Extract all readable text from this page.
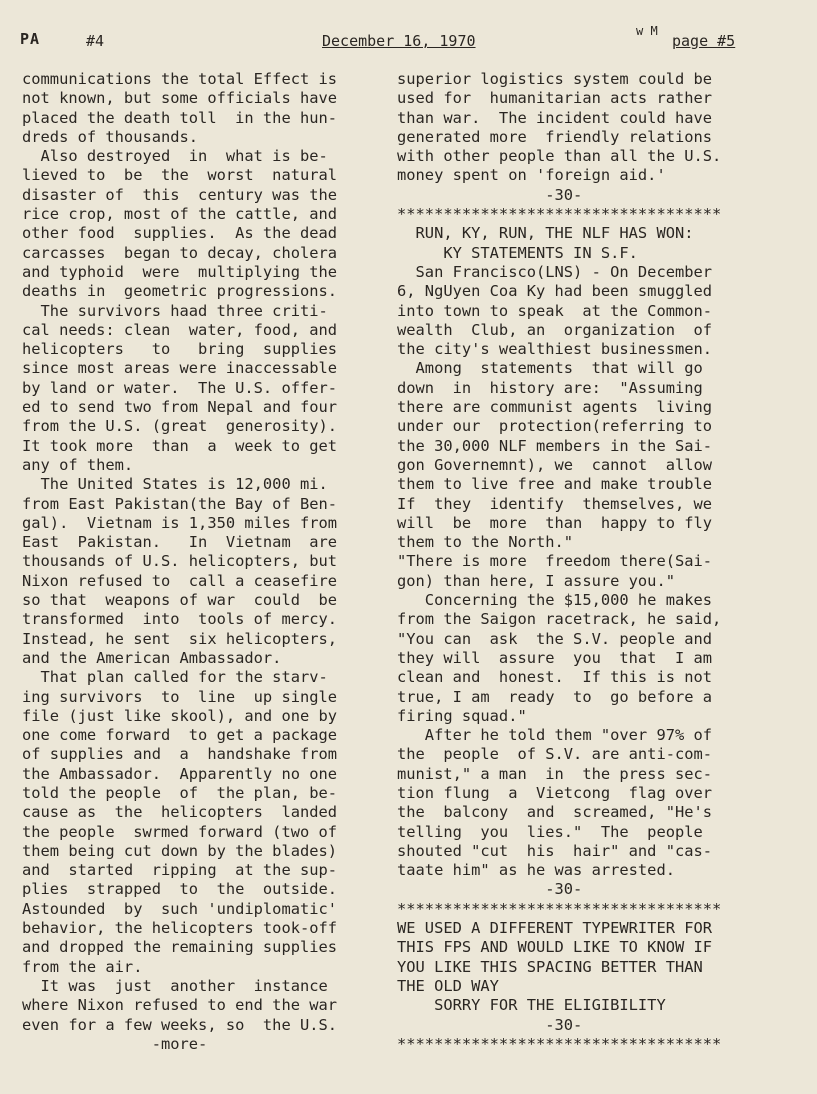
PA	#4	December 16, 1970
w M
page #5
communications the total Effect is
not known, but some officials have
placed the death toll  in the hun-
dreds of thousands.
Also destroyed  in  what is be-
lieved to  be  the  worst  natural
disaster of  this  century was the
rice crop, most of the cattle, and
other food  supplies.  As the dead
carcasses  began to decay, cholera
and typhoid  were  multiplying the
deaths in  geometric progressions.
The survivors haad three criti-
cal needs: clean  water, food, and
helicopters   to   bring  supplies
since most areas were inaccessable
by land or water.  The U.S. offer-
ed to send two from Nepal and four
from the U.S. (great  generosity).
It took more  than  a  week to get
any of them.
The United States is 12,000 mi.
from East Pakistan(the Bay of Ben-
gal).  Vietnam is 1,350 miles from
East  Pakistan.   In  Vietnam  are
thousands of U.S. helicopters, but
Nixon refused to  call a ceasefire
so that  weapons of war  could  be
transformed  into  tools of mercy.
Instead, he sent  six helicopters,
and the American Ambassador.
That plan called for the starv-
ing survivors  to  line  up single
file (just like skool), and one by
one come forward  to get a package
of supplies and  a  handshake from
the Ambassador.  Apparently no one
told the people  of  the plan, be-
cause as  the  helicopters  landed
the people  swrmed forward (two of
them being cut down by the blades)
and  started  ripping  at the sup-
plies  strapped  to  the  outside.
Astounded  by  such 'undiplomatic'
behavior, the helicopters took-off
and dropped the remaining supplies
from the air.
It was  just  another  instance
where Nixon refused to end the war
even for a few weeks, so  the U.S.
-more-
superior logistics system could be
used for  humanitarian acts rather
than war.  The incident could have
generated more  friendly relations
with other people than all the U.S.
money spent on 'foreign aid.'
-30-
***********************************
RUN, KY, RUN, THE NLF HAS WON:
KY STATEMENTS IN S.F.
San Francisco(LNS) - On December
6, NgUyen Coa Ky had been smuggled
into town to speak  at the Common-
wealth  Club, an  organization  of
the city's wealthiest businessmen.
Among  statements  that will go
down  in  history are:  "Assuming
there are communist agents  living
under our  protection(referring to
the 30,000 NLF members in the Sai-
gon Governemnt), we  cannot  allow
them to live free and make trouble
If  they  identify  themselves, we
will  be  more  than  happy to fly
them to the North."
"There is more  freedom there(Sai-
gon) than here, I assure you."
Concerning the $15,000 he makes
from the Saigon racetrack, he said,
"You can  ask  the S.V. people and
they will  assure  you  that  I am
clean and  honest.  If this is not
true, I am  ready  to  go before a
firing squad."
After he told them "over 97% of
the  people  of S.V. are anti-com-
munist," a man  in  the press sec-
tion flung  a  Vietcong  flag over
the  balcony  and  screamed, "He's
telling  you  lies."  The  people
shouted "cut  his  hair" and "cas-
taate him" as he was arrested.
-30-
***********************************
WE USED A DIFFERENT TYPEWRITER FOR
THIS FPS AND WOULD LIKE TO KNOW IF
YOU LIKE THIS SPACING BETTER THAN
THE OLD WAY
SORRY FOR THE ELIGIBILITY
-30-
***********************************
